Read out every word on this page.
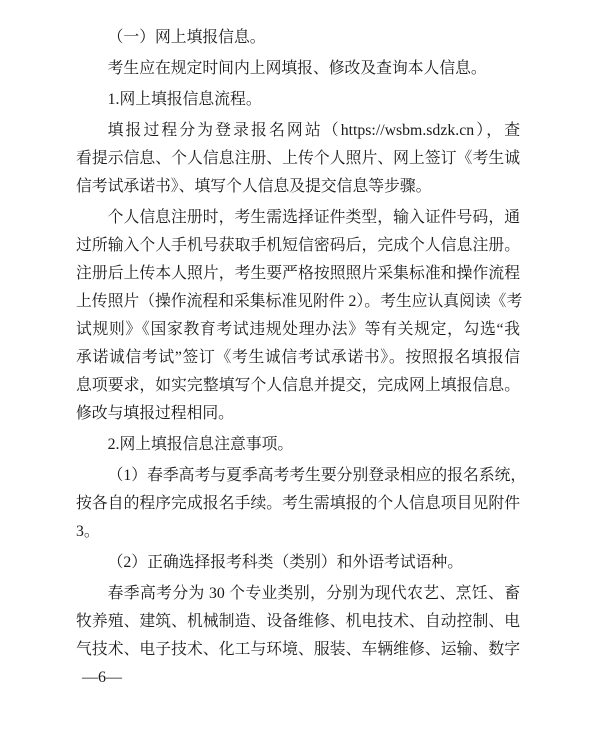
（一）网上填报信息。
考生应在规定时间内上网填报、修改及查询本人信息。
1.网上填报信息流程。
填报过程分为登录报名网站（https://wsbm.sdzk.cn），查
看提示信息、个人信息注册、上传个人照片、网上签订《考生诚
信考试承诺书》、填写个人信息及提交信息等步骤。
个人信息注册时，考生需选择证件类型，输入证件号码，通
过所输入个人手机号获取手机短信密码后，完成个人信息注册。
注册后上传本人照片，考生要严格按照照片采集标准和操作流程
上传照片（操作流程和采集标准见附件 2）。考生应认真阅读《考
试规则》《国家教育考试违规处理办法》等有关规定，勾选“我
承诺诚信考试”签订《考生诚信考试承诺书》。按照报名填报信
息项要求，如实完整填写个人信息并提交，完成网上填报信息。
修改与填报过程相同。
2.网上填报信息注意事项。
（1）春季高考与夏季高考考生要分别登录相应的报名系统，
按各自的程序完成报名手续。考生需填报的个人信息项目见附件
3。
（2）正确选择报考科类（类别）和外语考试语种。
春季高考分为 30 个专业类别，分别为现代农艺、烹饪、畜
牧养殖、建筑、机械制造、设备维修、机电技术、自动控制、电
气技术、电子技术、化工与环境、服装、车辆维修、运输、数字
—6—
